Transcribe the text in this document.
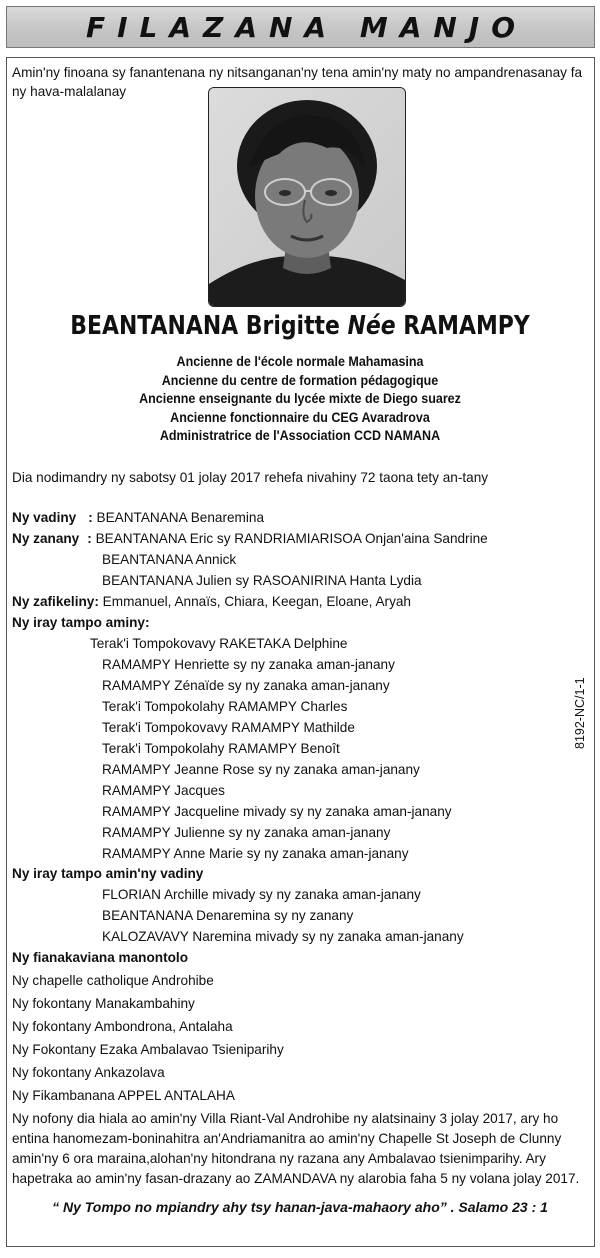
FILAZANA MANJO
Amin'ny finoana sy fanantenana ny nitsanganan'ny tena amin'ny maty no ampandrenasanay fa ny hava-malalanay
BEANTANANA Brigitte Née RAMAMPY
Ancienne de l'école normale Mahamasina
Ancienne du centre de formation pédagogique
Ancienne enseignante du lycée mixte de Diego suarez
Ancienne fonctionnaire du CEG Avaradrova
Administratrice de l'Association CCD NAMANA
Dia nodimandry ny sabotsy 01 jolay 2017 rehefa nivahiny 72 taona tety an-tany
Ny vadiny : BEANTANANA Benaremina
Ny zanany : BEANTANANA Eric sy RANDRIAMIARISOA Onjan'aina Sandrine
BEANTANANA Annick
BEANTANANA Julien sy RASOANIRINA Hanta Lydia
Ny zafikeliny: Emmanuel, Annaïs, Chiara, Keegan, Eloane, Aryah
Ny iray tampo aminy:
Terak'i Tompokovavy RAKETAKA Delphine
RAMAMPY Henriette sy ny zanaka aman-janany
RAMAMPY Zénaïde sy ny zanaka aman-janany
Terak'i Tompokolahy RAMAMPY Charles
Terak'i Tompokovavy RAMAMPY Mathilde
Terak'i Tompokolahy RAMAMPY Benoît
RAMAMPY Jeanne Rose sy ny zanaka aman-janany
RAMAMPY Jacques
RAMAMPY Jacqueline mivady sy ny zanaka aman-janany
RAMAMPY Julienne sy ny zanaka aman-janany
RAMAMPY Anne Marie sy ny zanaka aman-janany
Ny iray tampo amin'ny vadiny
FLORIAN Archille mivady sy ny zanaka aman-janany
BEANTANANA Denaremina sy ny zanany
KALOZAVAVY Naremina mivady sy ny zanaka aman-janany
Ny fianakaviana manontolo
Ny chapelle catholique Androhibe
Ny fokontany Manakambahiny
Ny fokontany Ambondrona, Antalaha
Ny Fokontany Ezaka Ambalavao Tsieniparihy
Ny fokontany Ankazolava
Ny Fikambanana APPEL ANTALAHA
Ny nofony dia hiala ao amin'ny Villa Riant-Val Androhibe ny alatsinainy 3 jolay 2017, ary ho entina hanomezam-boninahitra an'Andriamanitra ao amin'ny Chapelle St Joseph de Clunny amin'ny 6 ora maraina,alohan'ny hitondrana ny razana any Ambalavao tsienimparihy. Ary hapetraka ao amin'ny fasan-drazany ao ZAMANDAVA ny alarobia faha 5 ny volana jolay 2017.
“ Ny Tompo no mpiandry ahy tsy hanan-java-mahaory aho” . Salamo 23 : 1
8192-NC/1-1
